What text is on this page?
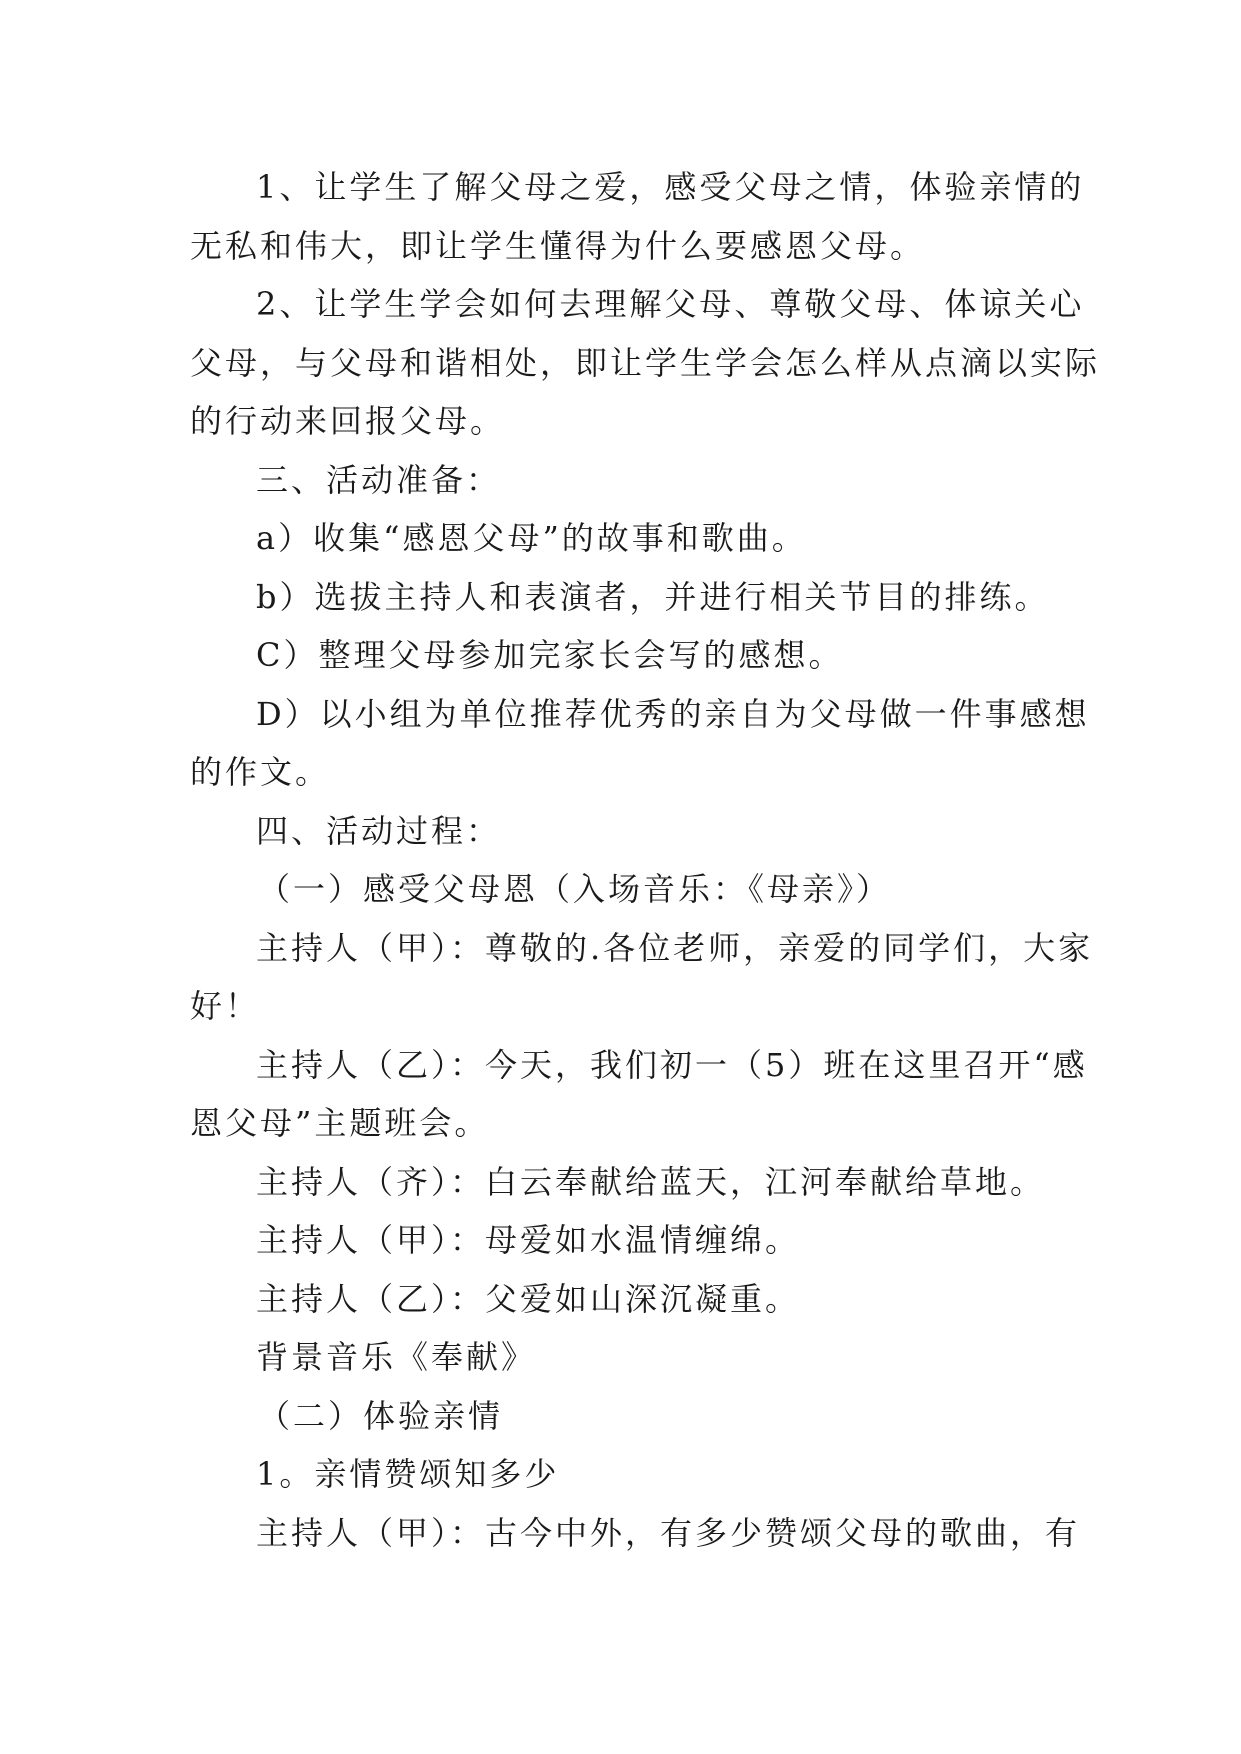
1、让学生了解父母之爱，感受父母之情，体验亲情的
无私和伟大，即让学生懂得为什么要感恩父母。
2、让学生学会如何去理解父母、尊敬父母、体谅关心
父母，与父母和谐相处，即让学生学会怎么样从点滴以实际
的行动来回报父母。
三、活动准备：
a）收集“感恩父母”的故事和歌曲。
b）选拔主持人和表演者，并进行相关节目的排练。
C）整理父母参加完家长会写的感想。
D）以小组为单位推荐优秀的亲自为父母做一件事感想
的作文。
四、活动过程：
（一）感受父母恩（入场音乐：《母亲》）
主持人（甲）：尊敬的.各位老师，亲爱的同学们，大家
好！
主持人（乙）：今天，我们初一（5）班在这里召开“感
恩父母”主题班会。
主持人（齐）：白云奉献给蓝天，江河奉献给草地。
主持人（甲）：母爱如水温情缠绵。
主持人（乙）：父爱如山深沉凝重。
背景音乐《奉献》
（二）体验亲情
1。亲情赞颂知多少
主持人（甲）：古今中外，有多少赞颂父母的歌曲，有
